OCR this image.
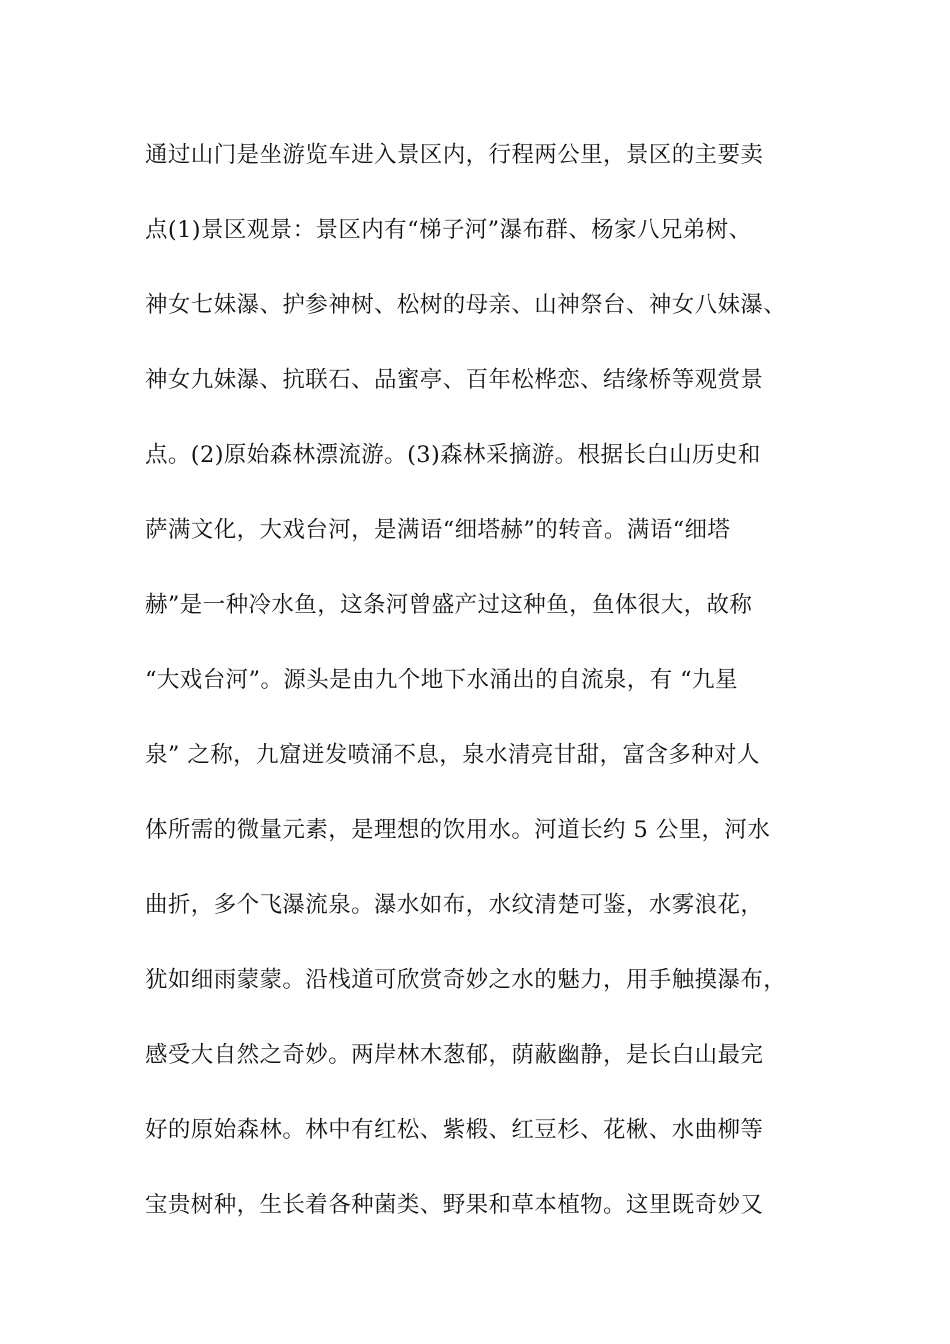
通过山门是坐游览车进入景区内，行程两公里，景区的主要卖
点(1)景区观景：景区内有“梯子河”瀑布群、杨家八兄弟树、
神女七妹瀑、护参神树、松树的母亲、山神祭台、神女八妹瀑、
神女九妹瀑、抗联石、品蜜亭、百年松桦恋、结缘桥等观赏景
点。(2)原始森林漂流游。(3)森林采摘游。根据长白山历史和
萨满文化，大戏台河，是满语“细塔赫”的转音。满语“细塔
赫”是一种冷水鱼，这条河曾盛产过这种鱼，鱼体很大，故称
“大戏台河”。源头是由九个地下水涌出的自流泉，有 “九星
泉” 之称，九窟迸发喷涌不息，泉水清亮甘甜，富含多种对人
体所需的微量元素，是理想的饮用水。河道长约 5 公里，河水
曲折，多个飞瀑流泉。瀑水如布，水纹清楚可鉴，水雾浪花，
犹如细雨蒙蒙。沿栈道可欣赏奇妙之水的魅力，用手触摸瀑布，
感受大自然之奇妙。两岸林木葱郁，荫蔽幽静，是长白山最完
好的原始森林。林中有红松、紫椴、红豆杉、花楸、水曲柳等
宝贵树种，生长着各种菌类、野果和草本植物。这里既奇妙又
